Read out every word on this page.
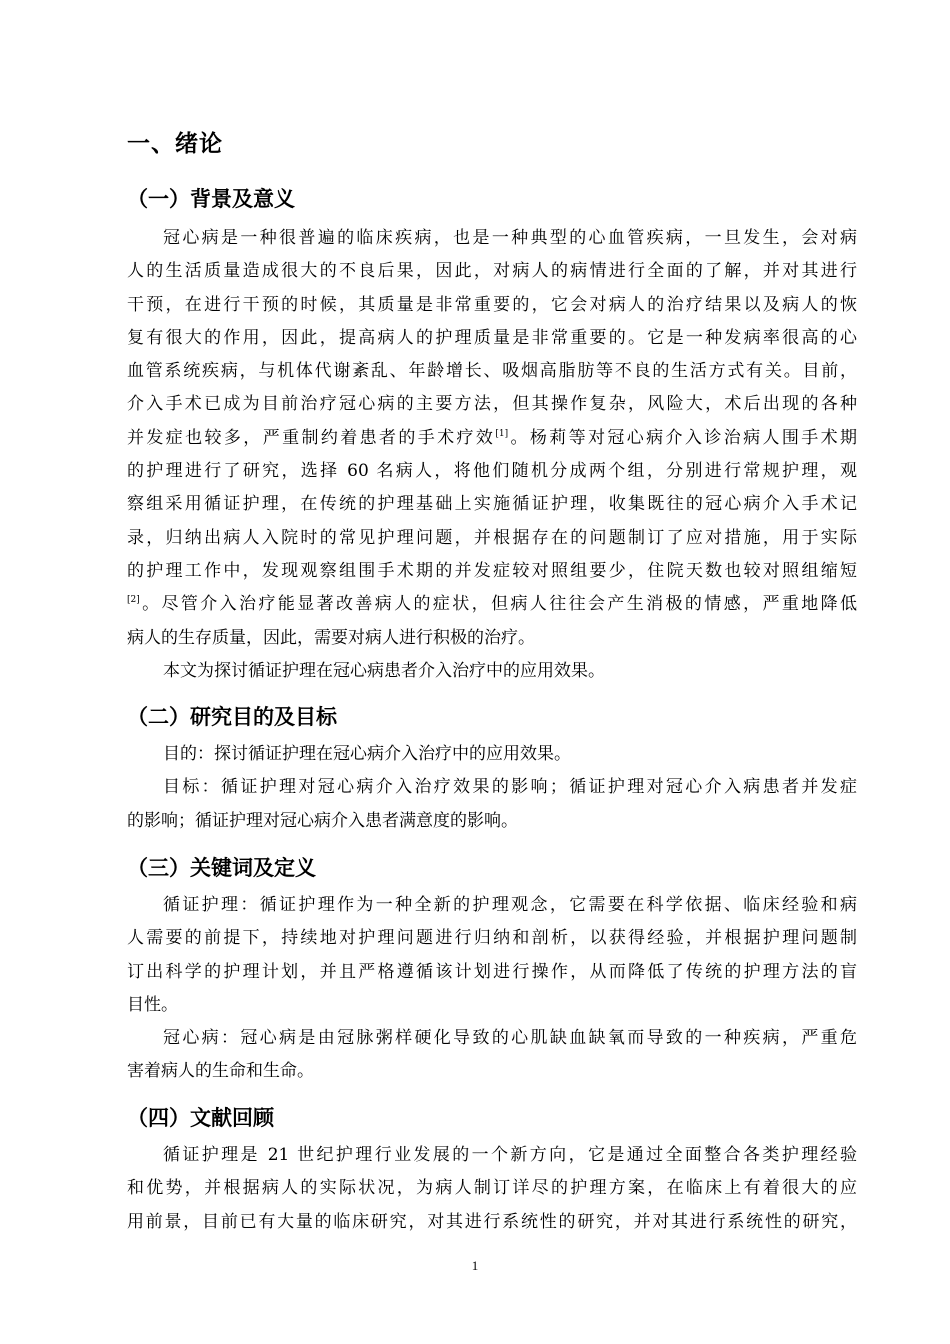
一、绪论
（一）背景及意义
冠心病是一种很普遍的临床疾病，也是一种典型的心血管疾病，一旦发生，会对病
人的生活质量造成很大的不良后果，因此，对病人的病情进行全面的了解，并对其进行
干预，在进行干预的时候，其质量是非常重要的，它会对病人的治疗结果以及病人的恢
复有很大的作用，因此，提高病人的护理质量是非常重要的。它是一种发病率很高的心
血管系统疾病，与机体代谢紊乱、年龄增长、吸烟高脂肪等不良的生活方式有关。目前，
介入手术已成为目前治疗冠心病的主要方法，但其操作复杂，风险大，术后出现的各种
并发症也较多，严重制约着患者的手术疗效[1]。杨莉等对冠心病介入诊治病人围手术期
的护理进行了研究，选择 60 名病人，将他们随机分成两个组，分别进行常规护理，观
察组采用循证护理，在传统的护理基础上实施循证护理，收集既往的冠心病介入手术记
录，归纳出病人入院时的常见护理问题，并根据存在的问题制订了应对措施，用于实际
的护理工作中，发现观察组围手术期的并发症较对照组要少，住院天数也较对照组缩短
[2]。尽管介入治疗能显著改善病人的症状，但病人往往会产生消极的情感，严重地降低
病人的生存质量，因此，需要对病人进行积极的治疗。
本文为探讨循证护理在冠心病患者介入治疗中的应用效果。
（二）研究目的及目标
目的：探讨循证护理在冠心病介入治疗中的应用效果。
目标：循证护理对冠心病介入治疗效果的影响；循证护理对冠心介入病患者并发症
的影响；循证护理对冠心病介入患者满意度的影响。
（三）关键词及定义
循证护理：循证护理作为一种全新的护理观念，它需要在科学依据、临床经验和病
人需要的前提下，持续地对护理问题进行归纳和剖析，以获得经验，并根据护理问题制
订出科学的护理计划，并且严格遵循该计划进行操作，从而降低了传统的护理方法的盲
目性。
冠心病：冠心病是由冠脉粥样硬化导致的心肌缺血缺氧而导致的一种疾病，严重危
害着病人的生命和生命。
（四）文献回顾
循证护理是 21 世纪护理行业发展的一个新方向，它是通过全面整合各类护理经验
和优势，并根据病人的实际状况，为病人制订详尽的护理方案，在临床上有着很大的应
用前景，目前已有大量的临床研究，对其进行系统性的研究，并对其进行系统性的研究，
1
